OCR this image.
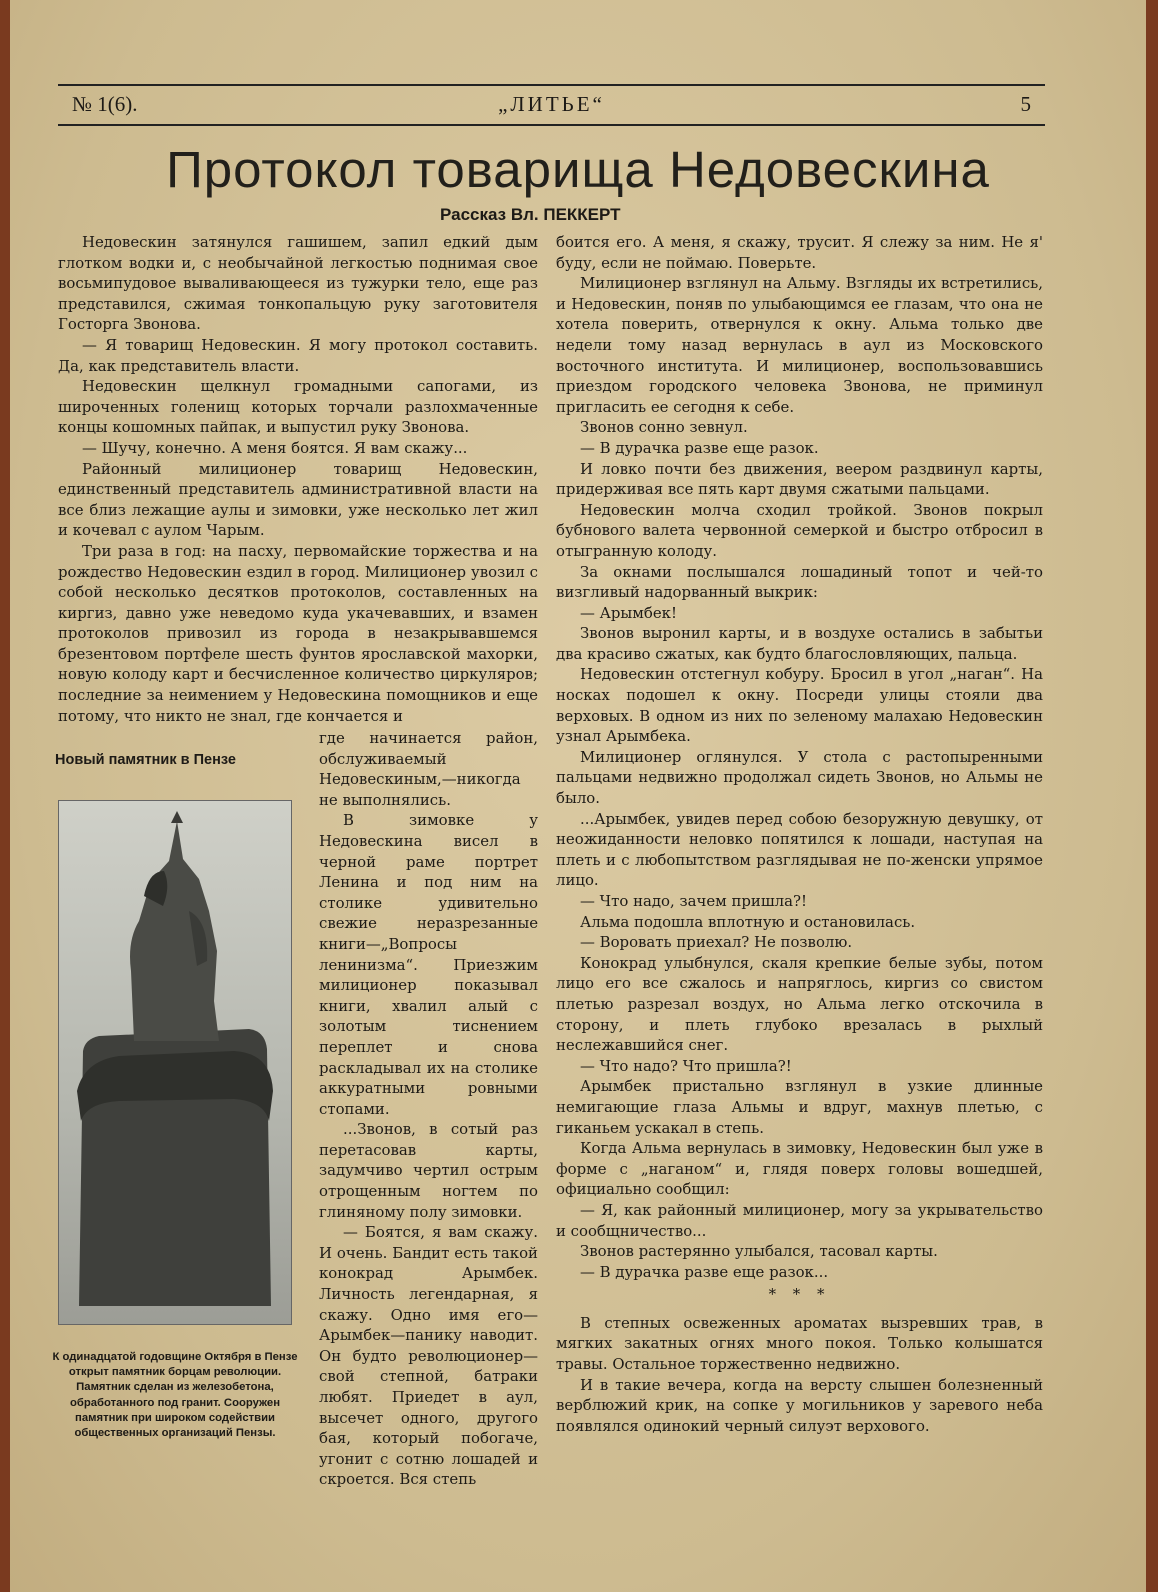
№ 1(6).	„ЛИТЬЕ“	5
Протокол товарища Недовескина
Рассказ Вл. ПЕККЕРТ

Недовескин затянулся гашишем, запил едкий дым глотком водки и, с необычайной легкостью поднимая свое восьмипудовое вываливающееся из тужурки тело, еще раз представился, сжимая тонкопальцую руку заготовителя Госторга Звонова.

— Я товарищ Недовескин. Я могу протокол составить. Да, как представитель власти.

Недовескин щелкнул громадными сапогами, из широченных голенищ которых торчали разлохмаченные концы кошомных пайпак, и выпустил руку Звонова.

— Шучу, конечно. А меня боятся. Я вам скажу...

Районный милиционер товарищ Недовескин, единственный представитель административной власти на все близ лежащие аулы и зимовки, уже несколько лет жил и кочевал с аулом Чарым.

Три раза в год: на пасху, первомайские торжества и на рождество Недовескин ездил в город. Милиционер увозил с собой несколько десятков протоколов, составленных на киргиз, давно уже неведомо куда укачевавших, и взамен протоколов привозил из города в незакрывавшемся брезентовом портфеле шесть фунтов ярославской махорки, новую колоду карт и бесчисленное количество циркуляров; последние за неимением у Недовескина помощников и еще потому, что никто не знал, где кончается и

где начинается район, обслуживаемый Недовескиным,—никогда не выполнялись.

В зимовке у Недовескина висел в черной раме портрет Ленина и под ним на столике удивительно свежие неразрезанные книги—„Вопросы ленинизма“. Приезжим милиционер показывал книги, хвалил алый с золотым тиснением переплет и снова раскладывал их на столике аккуратными ровными стопами.

...Звонов, в сотый раз перетасовав карты, задумчиво чертил острым отрощенным ногтем по глиняному полу зимовки.

— Боятся, я вам скажу. И очень. Бандит есть такой конокрад Арымбек. Личность легендарная, я скажу. Одно имя его—Арымбек—панику наводит. Он будто революционер—свой степной, батраки любят. Приедет в аул, высечет одного, другого бая, который побогаче, угонит с сотню лошадей и скроется. Вся степь

Новый памятник в Пензе
К одинадцатой годовщине Октября в Пензе открыт памятник борцам революции. Памятник сделан из железобетона, обработанного под гранит. Сооружен памятник при широком содействии общественных организаций Пензы.

боится его. А меня, я скажу, трусит. Я слежу за ним. Не я' буду, если не поймаю. Поверьте.

Милиционер взглянул на Альму. Взгляды их встретились, и Недовескин, поняв по улыбающимся ее глазам, что она не хотела поверить, отвернулся к окну. Альма только две недели тому назад вернулась в аул из Московского восточного института. И милиционер, воспользовавшись приездом городского человека Звонова, не приминул пригласить ее сегодня к себе.

Звонов сонно зевнул.

— В дурачка разве еще разок.

И ловко почти без движения, веером раздвинул карты, придерживая все пять карт двумя сжатыми пальцами.

Недовескин молча сходил тройкой. Звонов покрыл бубнового валета червонной семеркой и быстро отбросил в отыгранную колоду.

За окнами послышался лошадиный топот и чей-то визгливый надорванный выкрик:

— Арымбек!

Звонов выронил карты, и в воздухе остались в забытьи два красиво сжатых, как будто благословляющих, пальца.

Недовескин отстегнул кобуру. Бросил в угол „наган“. На носках подошел к окну. Посреди улицы стояли два верховых. В одном из них по зеленому малахаю Недовескин узнал Арымбека.

Милиционер оглянулся. У стола с растопыренными пальцами недвижно продолжал сидеть Звонов, но Альмы не было.

...Арымбек, увидев перед собою безоружную девушку, от неожиданности неловко попятился к лошади, наступая на плеть и с любопытством разглядывая не по-женски упрямое лицо.

— Что надо, зачем пришла?!

Альма подошла вплотную и остановилась.

— Воровать приехал? Не позволю.

Конокрад улыбнулся, скаля крепкие белые зубы, потом лицо его все сжалось и напряглось, киргиз со свистом плетью разрезал воздух, но Альма легко отскочила в сторону, и плеть глубоко врезалась в рыхлый неслежавшийся снег.

— Что надо? Что пришла?!

Арымбек пристально взглянул в узкие длинные немигающие глаза Альмы и вдруг, махнув плетью, с гиканьем ускакал в степь.

Когда Альма вернулась в зимовку, Недовескин был уже в форме с „наганом“ и, глядя поверх головы вошедшей, официально сообщил:

— Я, как районный милиционер, могу за укрывательство и сообщничество...

Звонов растерянно улыбался, тасовал карты.

— В дурачка разве еще разок...

* * *

В степных освеженных ароматах вызревших трав, в мягких закатных огнях много покоя. Только колышатся травы. Остальное торжественно недвижно.

И в такие вечера, когда на версту слышен болезненный верблюжий крик, на сопке у могильников у заревого неба появлялся одинокий черный силуэт верхового.
